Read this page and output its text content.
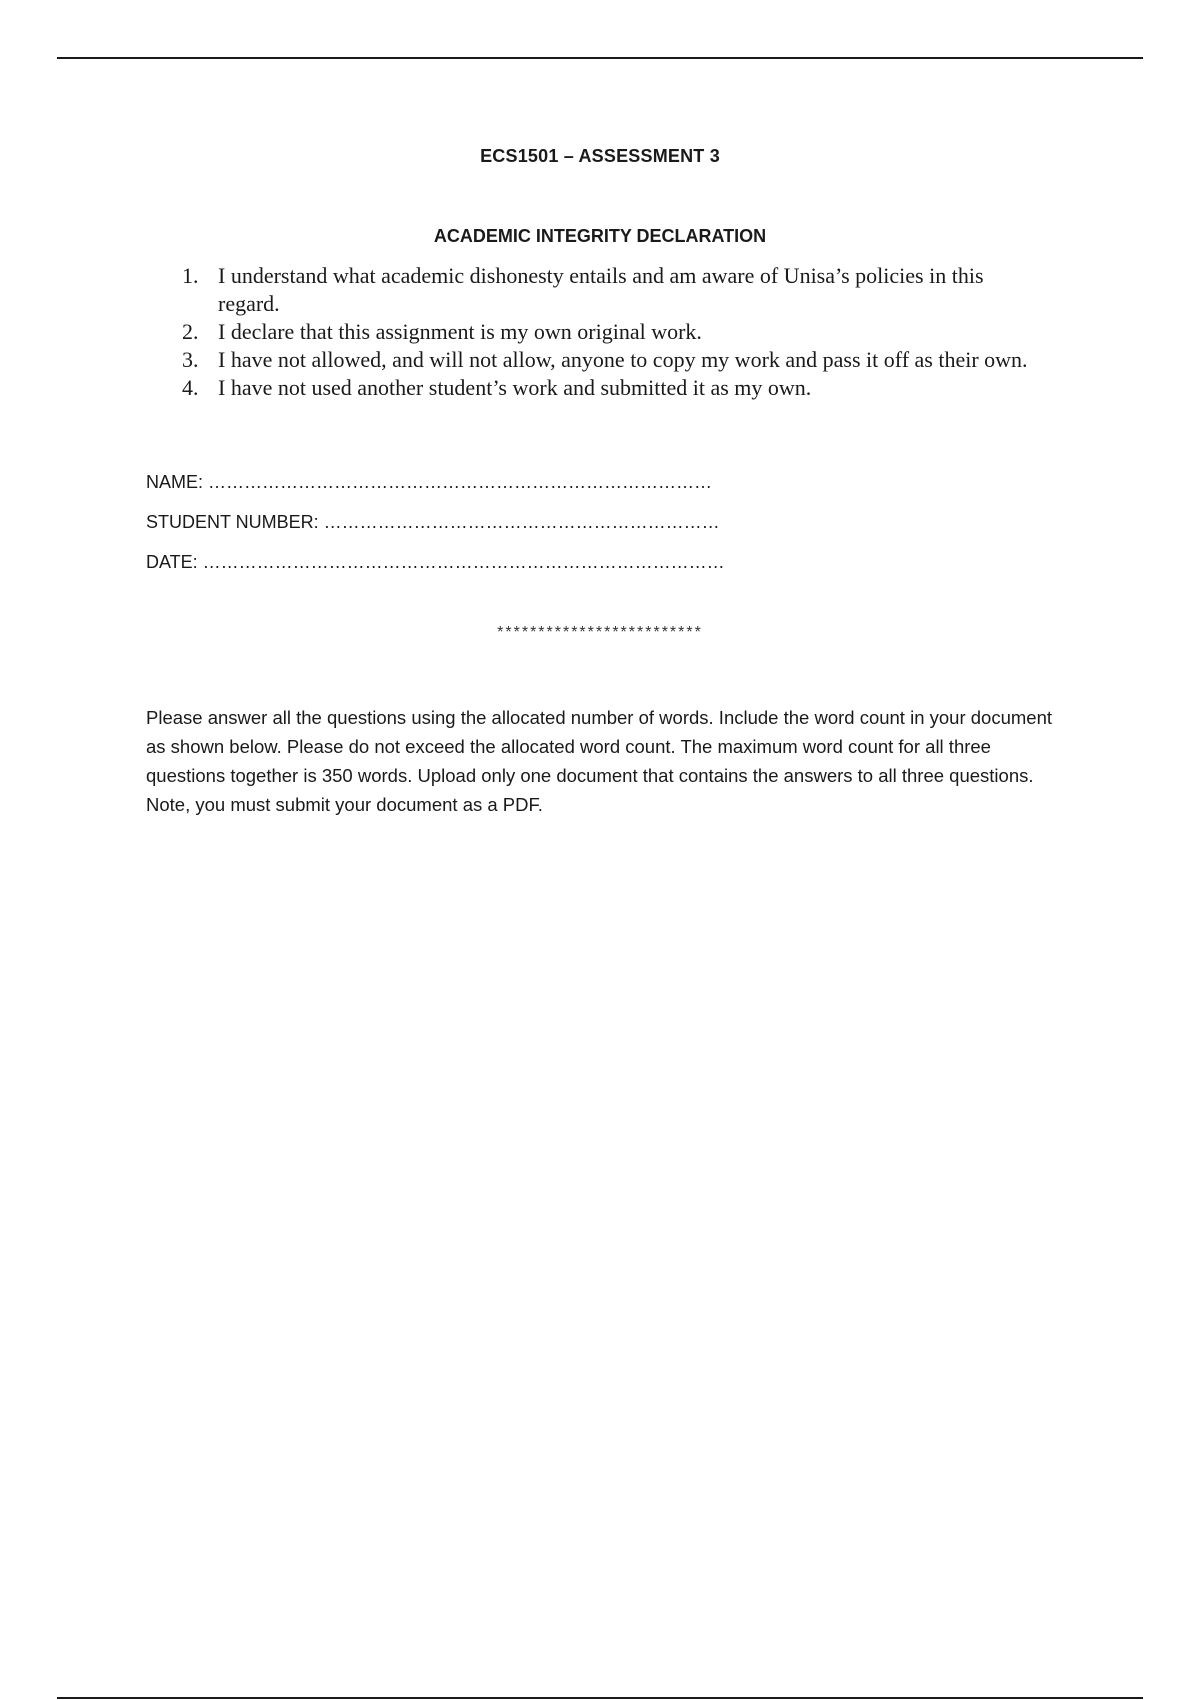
ECS1501 – ASSESSMENT 3
ACADEMIC INTEGRITY DECLARATION
1. I understand what academic dishonesty entails and am aware of Unisa’s policies in this regard.
2. I declare that this assignment is my own original work.
3. I have not allowed, and will not allow, anyone to copy my work and pass it off as their own.
4. I have not used another student’s work and submitted it as my own.
NAME: …………………………………………………………………………
STUDENT NUMBER: …………………………………………………………
DATE: ……………………………………………………………………………
*************************

Please answer all the questions using the allocated number of words. Include the word count in your document as shown below. Please do not exceed the allocated word count. The maximum word count for all three questions together is 350 words. Upload only one document that contains the answers to all three questions. Note, you must submit your document as a PDF.
